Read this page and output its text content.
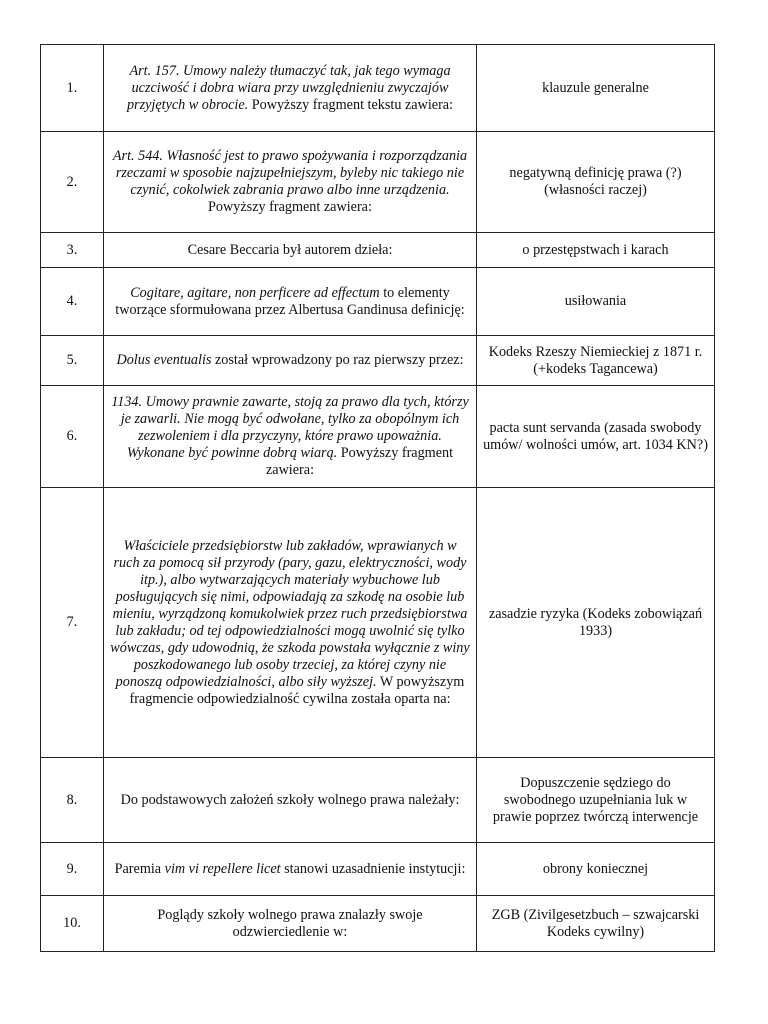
1.	Art. 157. Umowy należy tłumaczyć tak, jak tego wymaga uczciwość i dobra wiara przy uwzględnieniu zwyczajów przyjętych w obrocie. Powyższy fragment tekstu zawiera:	klauzule generalne
2.	Art. 544. Własność jest to prawo spożywania i rozporządzania rzeczami w sposobie najzupełniejszym, byleby nic takiego nie czynić, cokolwiek zabrania prawo albo inne urządzenia. Powyższy fragment zawiera:	negatywną definicję prawa (?) (własności raczej)
3.	Cesare Beccaria był autorem dzieła:	o przestępstwach i karach
4.	Cogitare, agitare, non perficere ad effectum to elementy tworzące sformułowana przez Albertusa Gandinusa definicję:	usiłowania
5.	Dolus eventualis został wprowadzony po raz pierwszy przez:	Kodeks Rzeszy Niemieckiej z 1871 r. (+kodeks Tagancewa)
6.	1134. Umowy prawnie zawarte, stoją za prawo dla tych, którzy je zawarli. Nie mogą być odwołane, tylko za obopólnym ich zezwoleniem i dla przyczyny, które prawo upoważnia. Wykonane być powinne dobrą wiarą. Powyższy fragment zawiera:	pacta sunt servanda (zasada swobody umów/ wolności umów, art. 1034 KN?)
7.	Właściciele przedsiębiorstw lub zakładów, wprawianych w ruch za pomocą sił przyrody (pary, gazu, elektryczności, wody itp.), albo wytwarzających materiały wybuchowe lub posługujących się nimi, odpowiadają za szkodę na osobie lub mieniu, wyrządzoną komukolwiek przez ruch przedsiębiorstwa lub zakładu; od tej odpowiedzialności mogą uwolnić się tylko wówczas, gdy udowodnią, że szkoda powstała wyłącznie z winy poszkodowanego lub osoby trzeciej, za której czyny nie ponoszą odpowiedzialności, albo siły wyższej. W powyższym fragmencie odpowiedzialność cywilna została oparta na:	zasadzie ryzyka (Kodeks zobowiązań 1933)
8.	Do podstawowych założeń szkoły wolnego prawa należały:	Dopuszczenie sędziego do swobodnego uzupełniania luk w prawie poprzez twórczą interwencje
9.	Paremia vim vi repellere licet stanowi uzasadnienie instytucji:	obrony koniecznej
10.	Poglądy szkoły wolnego prawa znalazły swoje odzwierciedlenie w:	ZGB (Zivilgesetzbuch – szwajcarski Kodeks cywilny)
